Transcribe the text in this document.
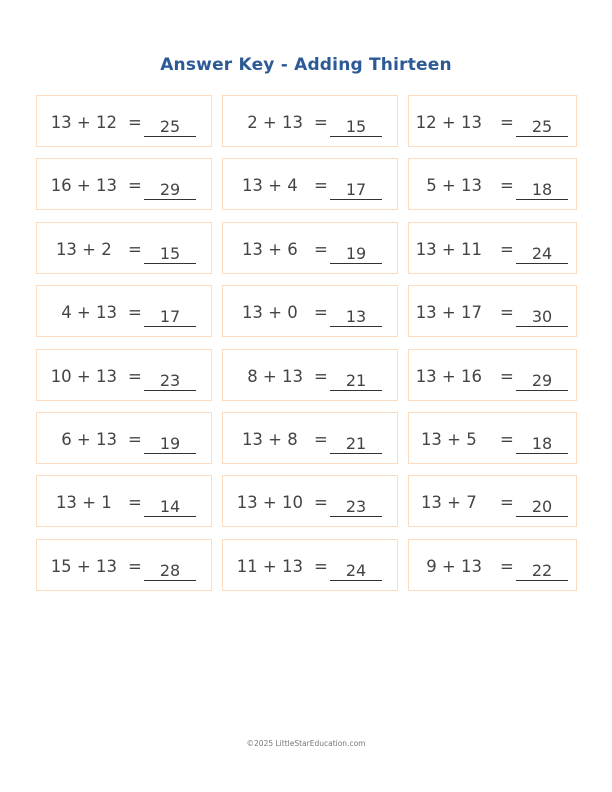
Answer Key - Adding Thirteen
13 + 12 =	25	2 + 13 =	15	12 + 13 =	25
16 + 13 =	29	13 + 4 =	17	5 + 13 =	18
13 + 2 =	15	13 + 6 =	19	13 + 11 =	24
4 + 13 =	17	13 + 0 =	13	13 + 17 =	30
10 + 13 =	23	8 + 13 =	21	13 + 16 =	29
6 + 13 =	19	13 + 8 =	21	13 + 5 =	18
13 + 1 =	14	13 + 10 =	23	13 + 7 =	20
15 + 13 =	28	11 + 13 =	24	9 + 13 =	22
©2025 LittleStarEducation.com
